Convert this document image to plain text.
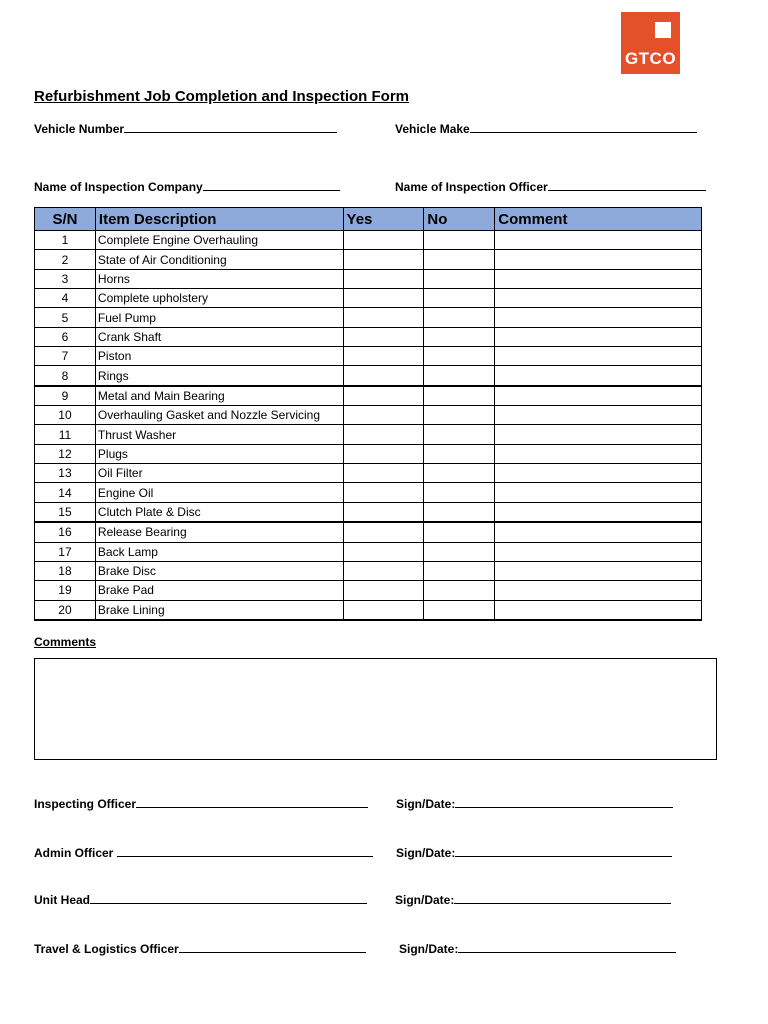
GTCO
Refurbishment Job Completion and Inspection Form
Vehicle Number	Vehicle Make
Name of Inspection Company	Name of Inspection Officer
S/N	Item Description	Yes	No	Comment
1	Complete Engine Overhauling			
2	State of Air Conditioning			
3	Horns			
4	Complete upholstery			
5	Fuel Pump			
6	Crank Shaft			
7	Piston			
8	Rings			
9	Metal and Main Bearing			
10	Overhauling Gasket and Nozzle Servicing			
11	Thrust Washer			
12	Plugs			
13	Oil Filter			
14	Engine Oil			
15	Clutch Plate & Disc			
16	Release Bearing			
17	Back Lamp			
18	Brake Disc			
19	Brake Pad			
20	Brake Lining			
Comments
Inspecting Officer	Sign/Date:
Admin Officer	Sign/Date:
Unit Head	Sign/Date:
Travel & Logistics Officer	Sign/Date:
